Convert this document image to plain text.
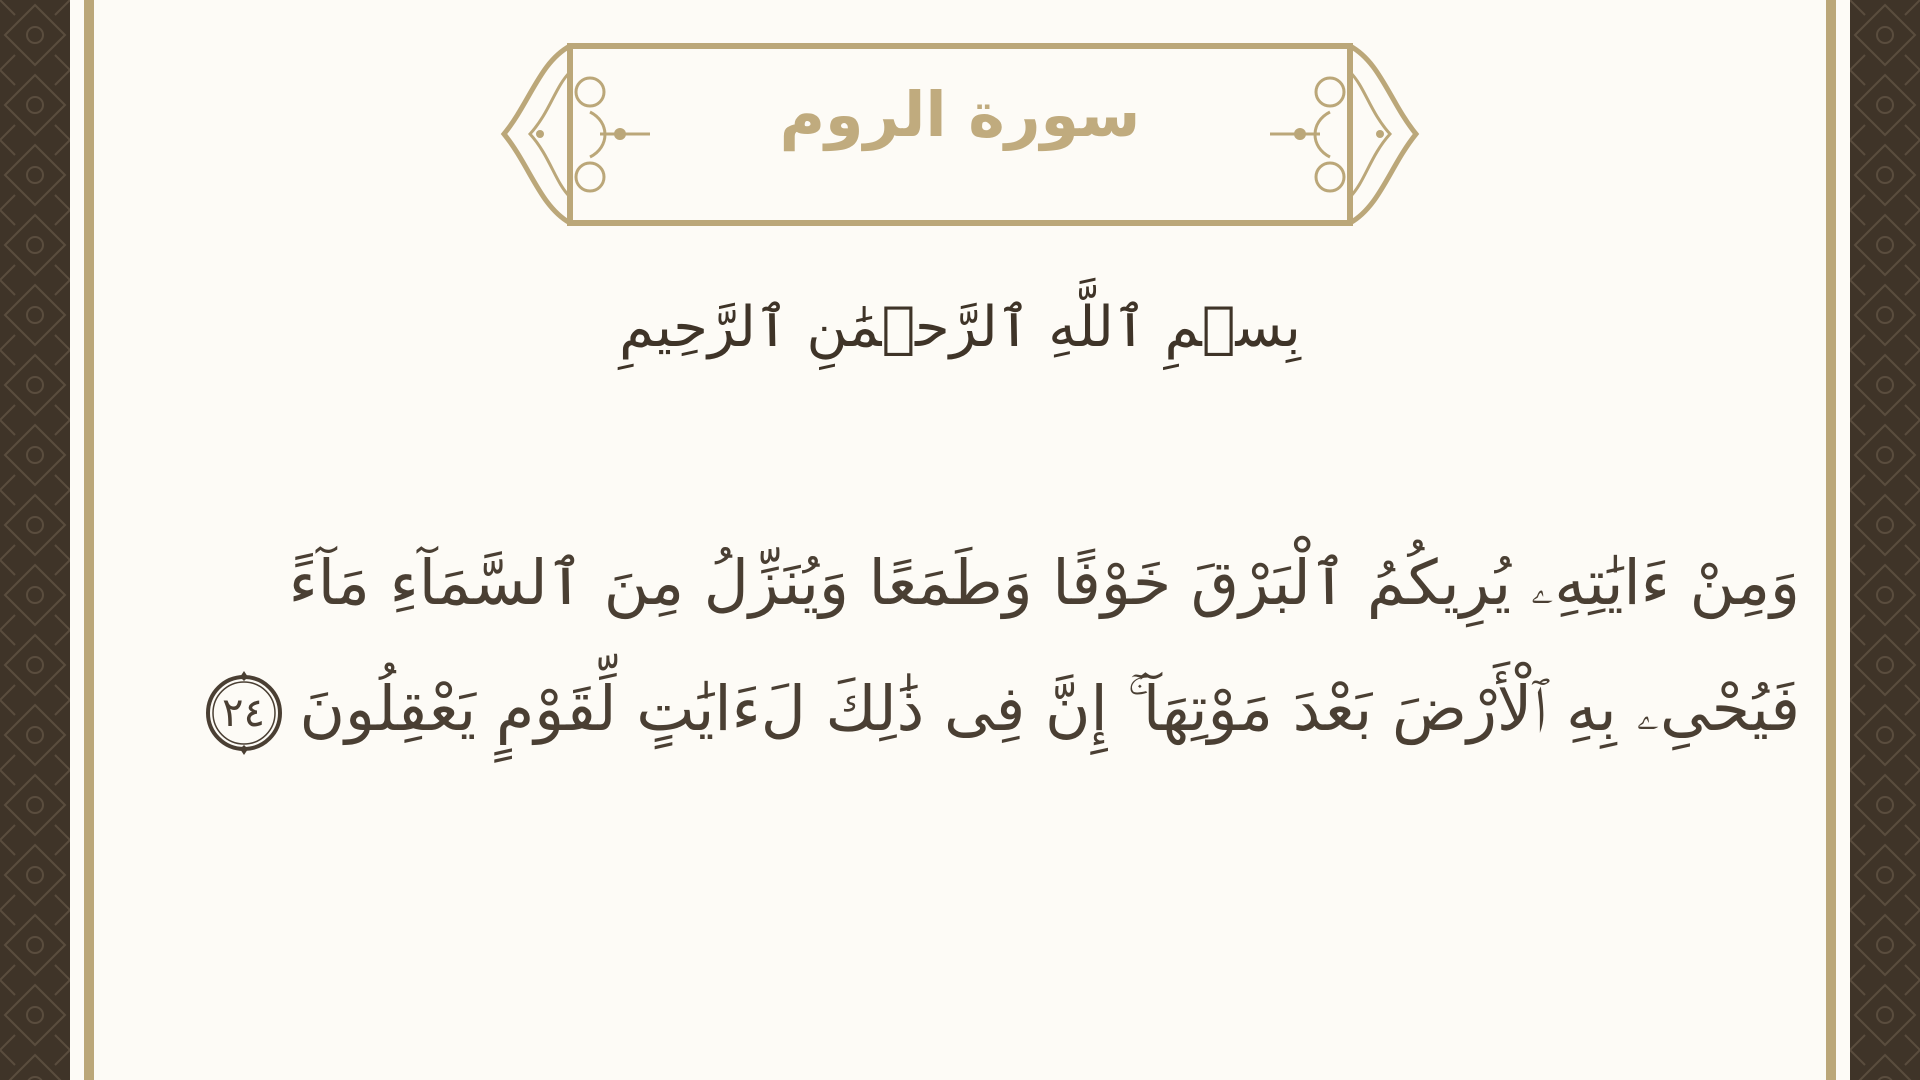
سورة الروم
بِسۡمِ ٱللَّهِ ٱلرَّحۡمَٰنِ ٱلرَّحِيمِ
وَمِنْ ءَايَٰتِهِۦ يُرِيكُمُ ٱلْبَرْقَ خَوْفًا وَطَمَعًا وَيُنَزِّلُ مِنَ ٱلسَّمَآءِ مَآءً
فَيُحْىِۦ بِهِ ٱلْأَرْضَ بَعْدَ مَوْتِهَآ ۚ إِنَّ فِى ذَٰلِكَ لَءَايَٰتٍ لِّقَوْمٍ يَعْقِلُونَ
٢٤
